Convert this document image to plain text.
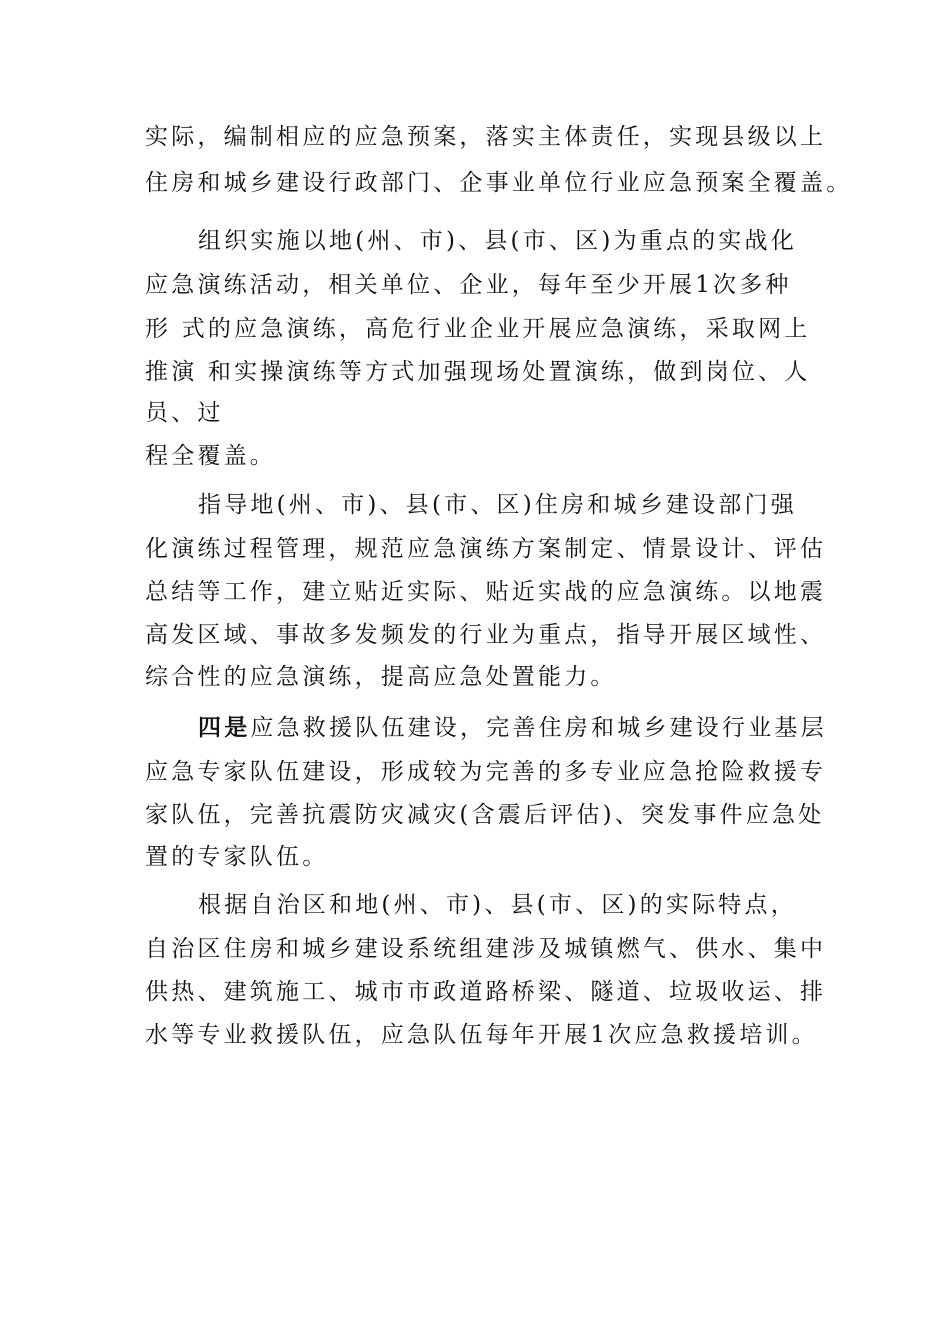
实际，编制相应的应急预案，落实主体责任，实现县级以上
住房和城乡建设行政部门、企事业单位行业应急预案全覆盖。
组织实施以地(州、市)、县(市、区)为重点的实战化
应急演练活动，相关单位、企业，每年至少开展1次多种
形 式的应急演练，高危行业企业开展应急演练，采取网上
推演 和实操演练等方式加强现场处置演练，做到岗位、人
员、过
程全覆盖。
指导地(州、市)、县(市、区)住房和城乡建设部门强
化演练过程管理，规范应急演练方案制定、情景设计、评估
总结等工作，建立贴近实际、贴近实战的应急演练。以地震
高发区域、事故多发频发的行业为重点，指导开展区域性、
综合性的应急演练，提高应急处置能力。
四是应急救援队伍建设，完善住房和城乡建设行业基层
应急专家队伍建设，形成较为完善的多专业应急抢险救援专
家队伍，完善抗震防灾减灾(含震后评估)、突发事件应急处
置的专家队伍。
根据自治区和地(州、市)、县(市、区)的实际特点，
自治区住房和城乡建设系统组建涉及城镇燃气、供水、集中
供热、建筑施工、城市市政道路桥梁、隧道、垃圾收运、排
水等专业救援队伍，应急队伍每年开展1次应急救援培训。
